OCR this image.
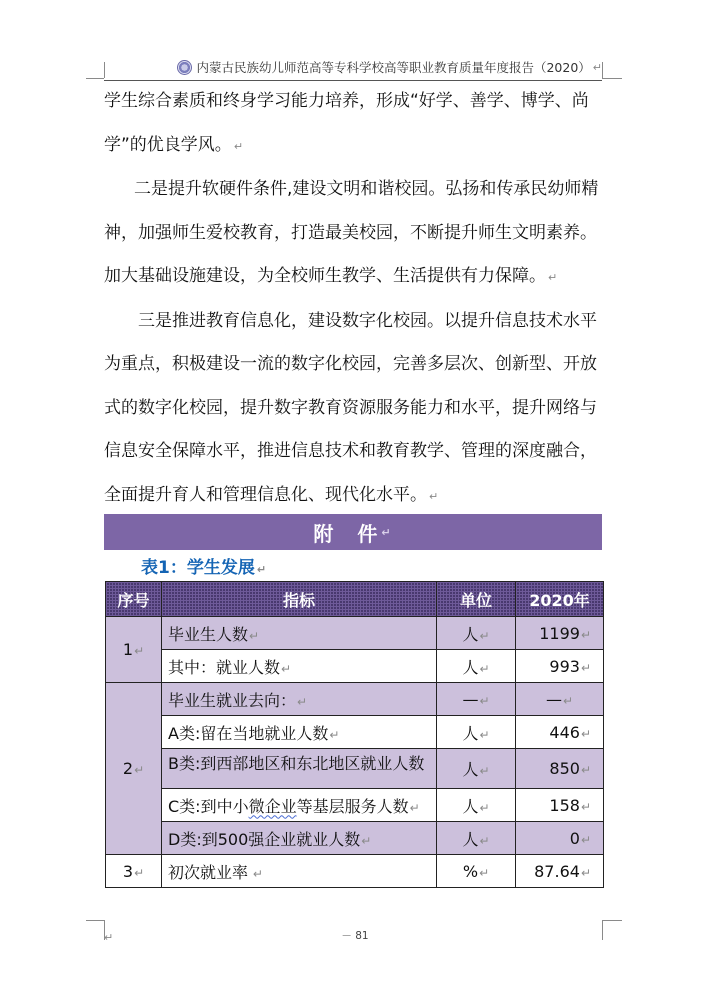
内蒙古民族幼儿师范高等专科学校高等职业教育质量年度报告（2020） ↵

学生综合素质和终身学习能力培养，形成“好学、善学、博学、尚

学”的优良学风。 ↵

二是提升软硬件条件,建设文明和谐校园。弘扬和传承民幼师精

神，加强师生爱校教育，打造最美校园，不断提升师生文明素养。

加大基础设施建设，为全校师生教学、生活提供有力保障。 ↵

三是推进教育信息化，建设数字化校园。以提升信息技术水平

为重点，积极建设一流的数字化校园，完善多层次、创新型、开放

式的数字化校园，提升数字教育资源服务能力和水平，提升网络与

信息安全保障水平，推进信息技术和教育教学、管理的深度融合，

全面提升育人和管理信息化、现代化水平。 ↵

附　件 ↵
表1：学生发展 ↵
序号	指标	单位	2020年
1↵	毕业生人数↵	人↵	1199↵
	其中：就业人数↵	人↵	993↵
2↵	毕业生就业去向：↵	—↵	—↵
	A类:留在当地就业人数↵	人↵	446↵

	B类:到西部地区和东北地区就业人数	人↵	850↵
	C类:到中小微企业等基层服务人数↵	人↵	158↵
	D类:到500强企业就业人数↵	人↵	0↵
3↵	初次就业率 ↵	%↵	87.64↵
↵	－ 81
